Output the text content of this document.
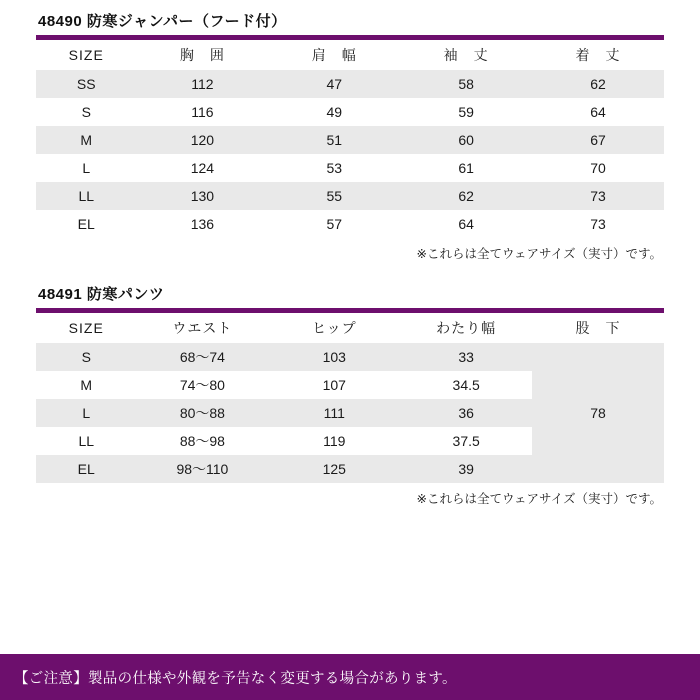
48490 防寒ジャンパー（フード付）
SIZE	胸　囲	肩　幅	袖　丈	着　丈
SS	112	47	58	62
S	116	49	59	64
M	120	51	60	67
L	124	53	61	70
LL	130	55	62	73
EL	136	57	64	73
※これらは全てウェアサイズ（実寸）です。
48491 防寒パンツ
SIZE	ウエスト	ヒップ	わたり幅	股　下
S	68〜74	103	33	78
M	74〜80	107	34.5	
L	80〜88	111	36	
LL	88〜98	119	37.5	
EL	98〜110	125	39	
※これらは全てウェアサイズ（実寸）です。
【ご注意】製品の仕様や外観を予告なく変更する場合があります。
